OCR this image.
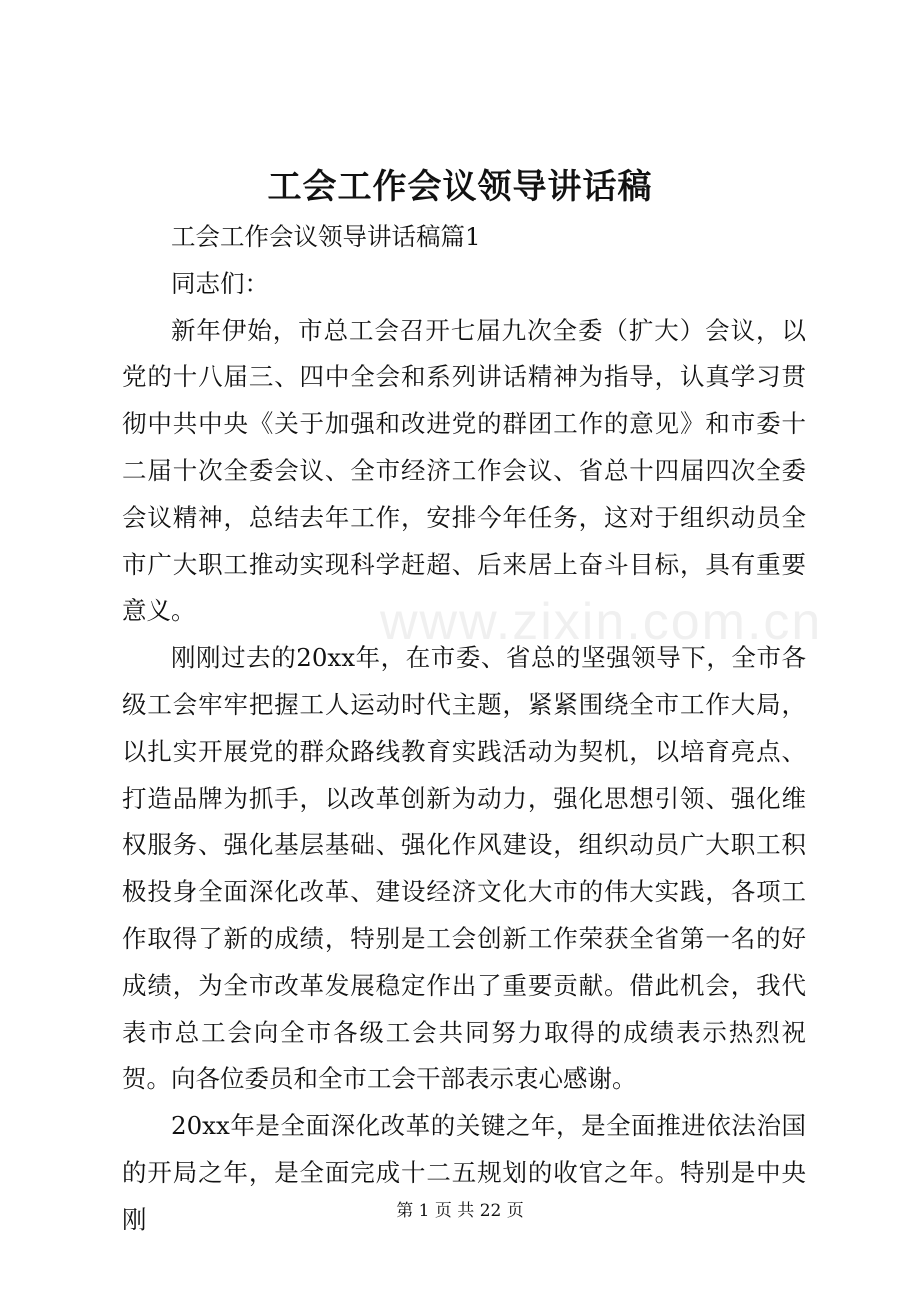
www.zixin.com.cn
工会工作会议领导讲话稿

工会工作会议领导讲话稿篇1

同志们：

新年伊始，市总工会召开七届九次全委（扩大）会议，以党的十八届三、四中全会和系列讲话精神为指导，认真学习贯彻中共中央《关于加强和改进党的群团工作的意见》和市委十二届十次全委会议、全市经济工作会议、省总十四届四次全委会议精神，总结去年工作，安排今年任务，这对于组织动员全市广大职工推动实现科学赶超、后来居上奋斗目标，具有重要意义。

刚刚过去的20xx年，在市委、省总的坚强领导下，全市各级工会牢牢把握工人运动时代主题，紧紧围绕全市工作大局，以扎实开展党的群众路线教育实践活动为契机，以培育亮点、打造品牌为抓手，以改革创新为动力，强化思想引领、强化维权服务、强化基层基础、强化作风建设，组织动员广大职工积极投身全面深化改革、建设经济文化大市的伟大实践，各项工作取得了新的成绩，特别是工会创新工作荣获全省第一名的好成绩，为全市改革发展稳定作出了重要贡献。借此机会，我代表市总工会向全市各级工会共同努力取得的成绩表示热烈祝贺。向各位委员和全市工会干部表示衷心感谢。

20xx年是全面深化改革的关键之年，是全面推进依法治国的开局之年，是全面完成十二五规划的收官之年。特别是中央刚	第 1 页 共 22 页
